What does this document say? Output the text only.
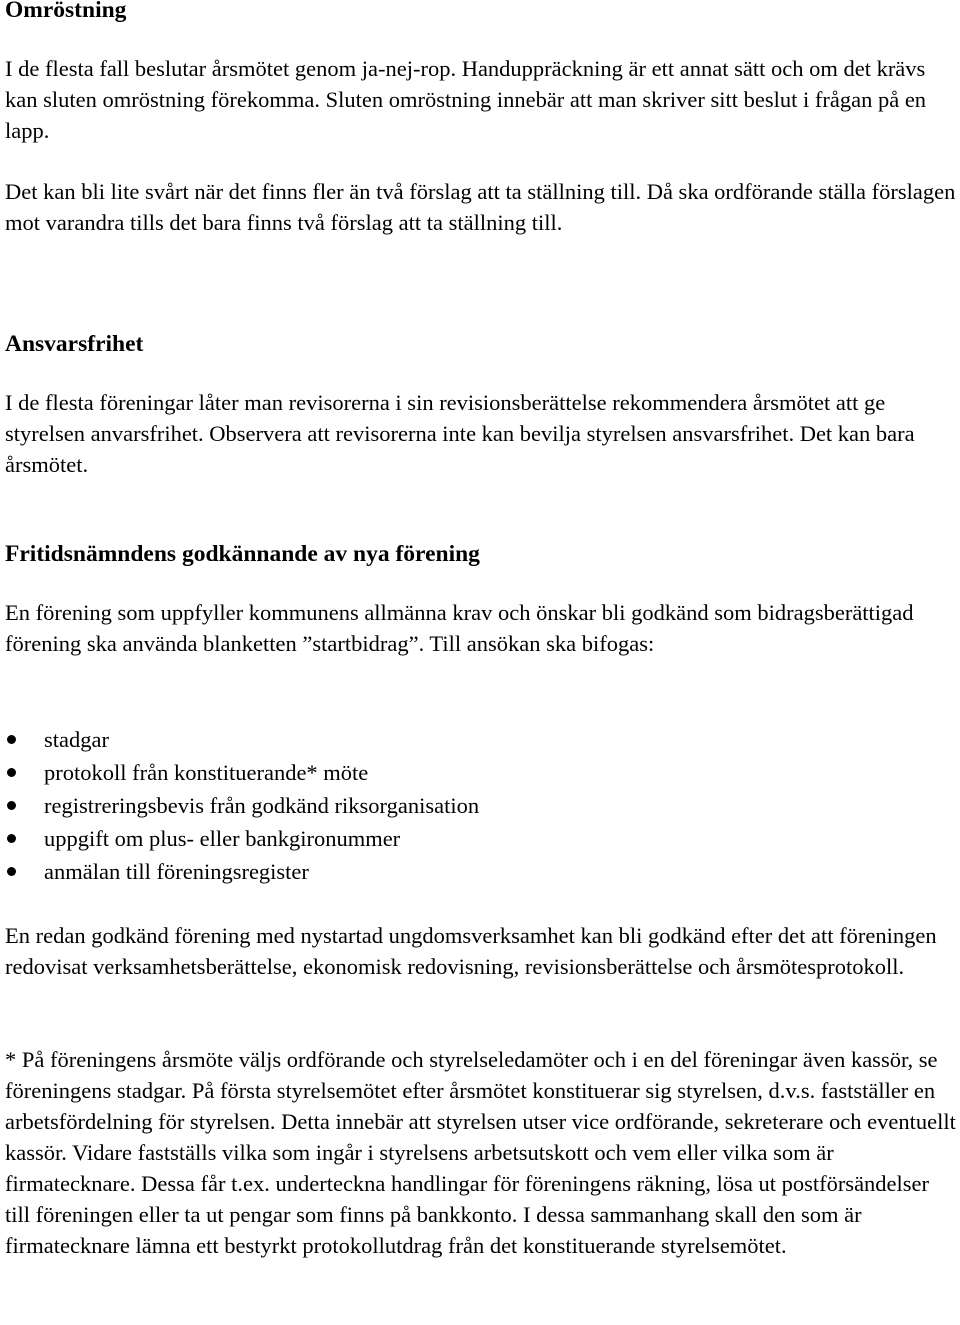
Omröstning

I de flesta fall beslutar årsmötet genom ja-nej-rop. Handuppräckning är ett annat sätt och om det krävs kan sluten omröstning förekomma. Sluten omröstning innebär att man skriver sitt beslut i frågan på en lapp.

Det kan bli lite svårt när det finns fler än två förslag att ta ställning till. Då ska ordförande ställa förslagen mot varandra tills det bara finns två förslag att ta ställning till.

Ansvarsfrihet

I de flesta föreningar låter man revisorerna i sin revisionsberättelse rekommendera årsmötet att ge styrelsen anvarsfrihet. Observera att revisorerna inte kan bevilja styrelsen ansvarsfrihet. Det kan bara årsmötet.

Fritidsnämndens godkännande av nya förening

En förening som uppfyller kommunens allmänna krav och önskar bli godkänd som bidragsberättigad förening ska använda blanketten ”startbidrag”. Till ansökan ska bifogas:

stadgar
protokoll från konstituerande* möte
registreringsbevis från godkänd riksorganisation
uppgift om plus- eller bankgironummer
anmälan till föreningsregister

En redan godkänd förening med nystartad ungdomsverksamhet kan bli godkänd efter det att föreningen redovisat verksamhetsberättelse, ekonomisk redovisning, revisionsberättelse och årsmötesprotokoll.

* På föreningens årsmöte väljs ordförande och styrelseledamöter och i en del föreningar även kassör, se föreningens stadgar. På första styrelsemötet efter årsmötet konstituerar sig styrelsen, d.v.s. fastställer en arbetsfördelning för styrelsen. Detta innebär att styrelsen utser vice ordförande, sekreterare och eventuellt kassör. Vidare fastställs vilka som ingår i styrelsens arbetsutskott och vem eller vilka som är firmatecknare. Dessa får t.ex. underteckna handlingar för föreningens räkning, lösa ut postförsändelser till föreningen eller ta ut pengar som finns på bankkonto. I dessa sammanhang skall den som är firmatecknare lämna ett bestyrkt protokollutdrag från det konstituerande styrelsemötet.
